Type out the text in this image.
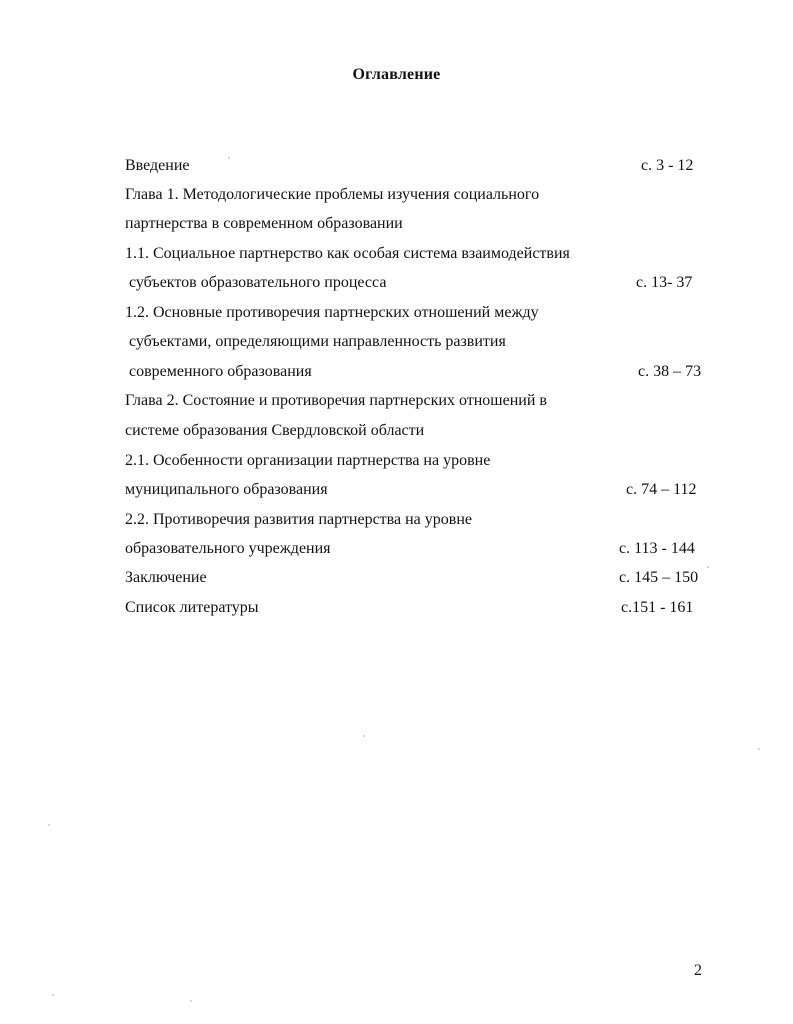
Оглавление
Введение	с. 3 - 12
Глава 1. Методологические проблемы изучения социального
партнерства в современном образовании
1.1. Социальное партнерство как особая система взаимодействия
субъектов образовательного процесса	с. 13- 37
1.2. Основные противоречия партнерских отношений между
субъектами, определяющими направленность развития
современного образования	с. 38 – 73
Глава 2. Состояние и противоречия партнерских отношений в
системе образования Свердловской области
2.1. Особенности организации партнерства на уровне
муниципального образования	с. 74 – 112
2.2. Противоречия развития партнерства на уровне
образовательного учреждения	с. 113 - 144
Заключение	с. 145 – 150
Список литературы	с.151 - 161
2
